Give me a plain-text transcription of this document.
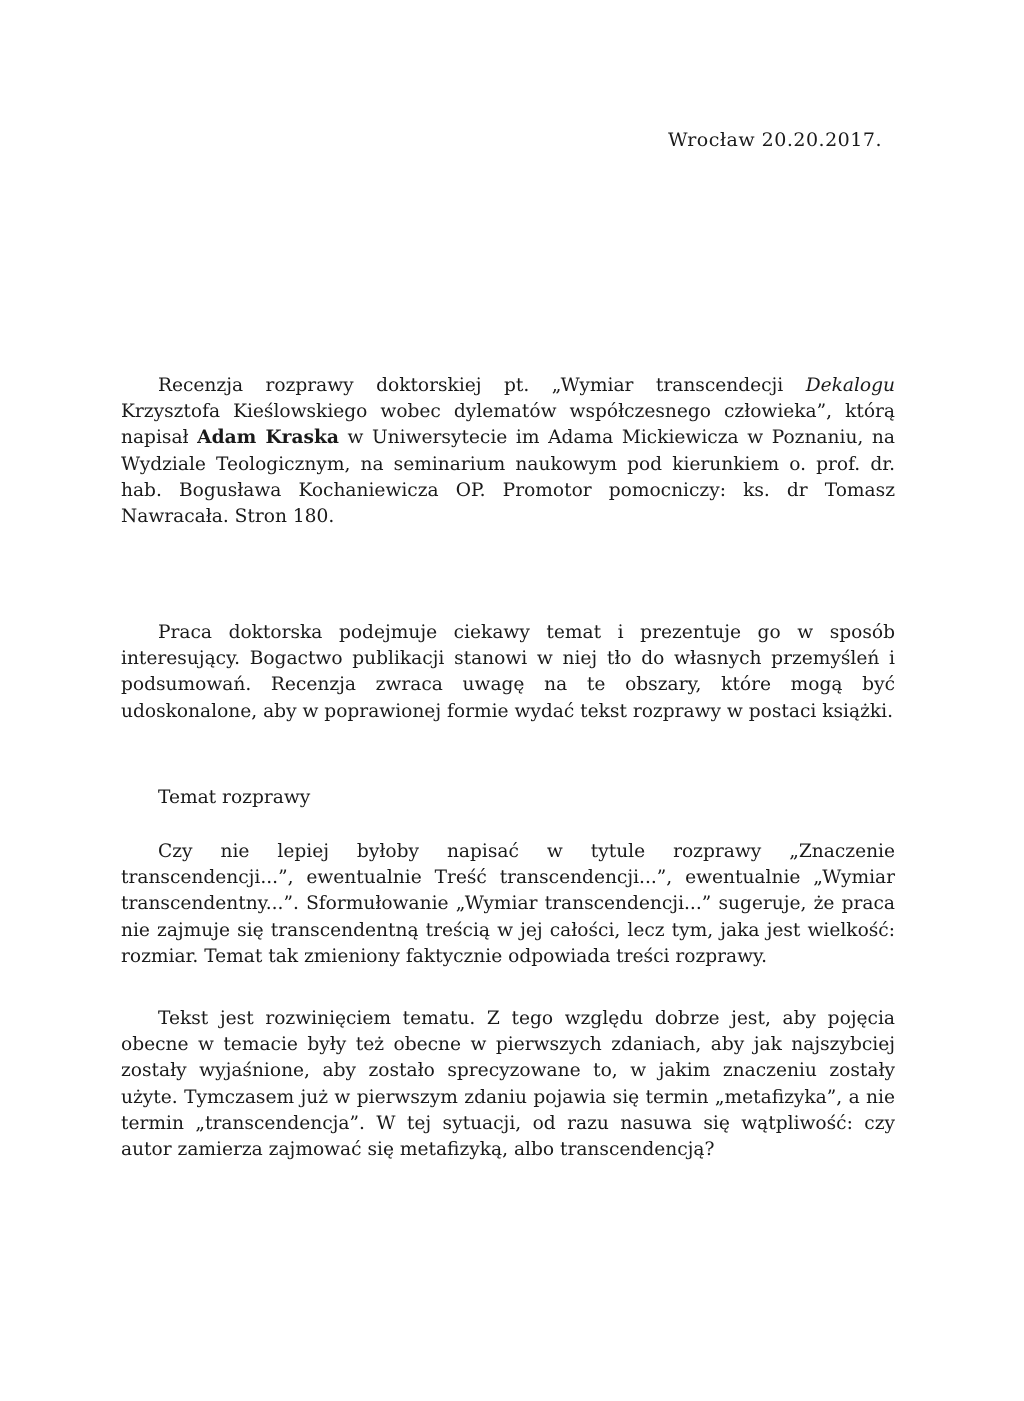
Wrocław 20.20.2017.

Recenzja rozprawy doktorskiej pt. „Wymiar transcendecji Dekalogu Krzysztofa Kieślowskiego wobec dylematów współczesnego człowieka”, którą napisał Adam Kraska w Uniwersytecie im Adama Mickiewicza w Poznaniu, na Wydziale Teologicznym, na seminarium naukowym pod kierunkiem o. prof. dr. hab. Bogusława Kochaniewicza OP. Promotor pomocniczy: ks. dr Tomasz Nawracała. Stron 180.

Praca doktorska podejmuje ciekawy temat i prezentuje go w sposób interesujący. Bogactwo publikacji stanowi w niej tło do własnych przemyśleń i podsumowań. Recenzja zwraca uwagę na te obszary, które mogą być udoskonalone, aby w poprawionej formie wydać tekst rozprawy w postaci książki.

Temat rozprawy

Czy nie lepiej byłoby napisać w tytule rozprawy „Znaczenie transcendencji...”, ewentualnie Treść transcendencji...”, ewentualnie „Wymiar transcendentny...”. Sformułowanie „Wymiar transcendencji...” sugeruje, że praca nie zajmuje się transcendentną treścią w jej całości, lecz tym, jaka jest wielkość: rozmiar. Temat tak zmieniony faktycznie odpowiada treści rozprawy.

Tekst jest rozwinięciem tematu. Z tego względu dobrze jest, aby pojęcia obecne w temacie były też obecne w pierwszych zdaniach, aby jak najszybciej zostały wyjaśnione, aby zostało sprecyzowane to, w jakim znaczeniu zostały użyte. Tymczasem już w pierwszym zdaniu pojawia się termin „metafizyka”, a nie termin „transcendencja”. W tej sytuacji, od razu nasuwa się wątpliwość: czy autor zamierza zajmować się metafizyką, albo transcendencją?
